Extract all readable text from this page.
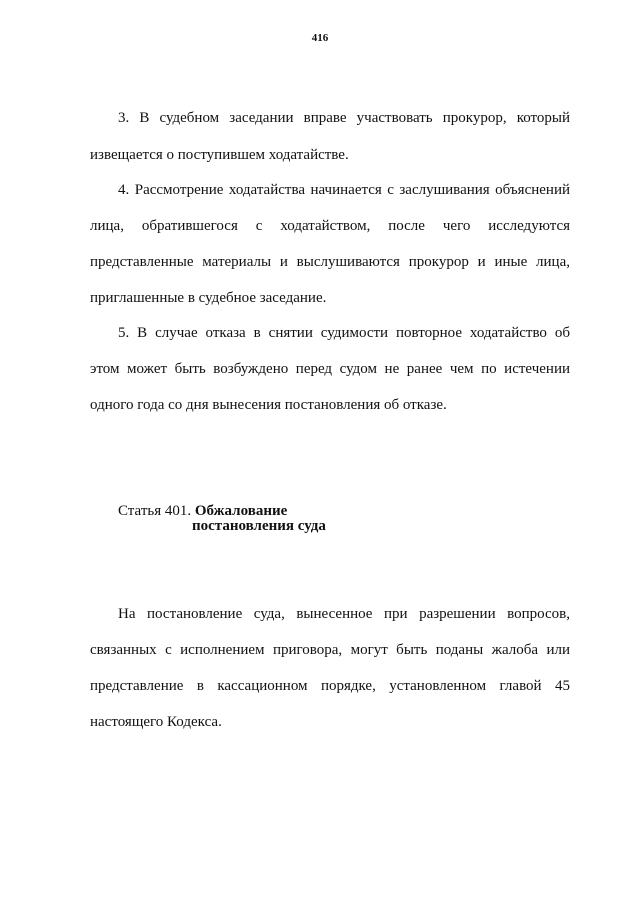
416
3. В судебном заседании вправе участвовать прокурор, который
извещается о поступившем ходатайстве.
4. Рассмотрение ходатайства начинается с заслушивания объяснений
лица, обратившегося с ходатайством, после чего исследуются
представленные материалы и выслушиваются прокурор и иные лица,
приглашенные в судебное заседание.
5. В случае отказа в снятии судимости повторное ходатайство об
этом может быть возбуждено перед судом не ранее чем по истечении
одного года со дня вынесения постановления об отказе.
Статья 401. Обжалование
постановления суда
На постановление суда, вынесенное при разрешении вопросов,
связанных с исполнением приговора, могут быть поданы жалоба или
представление в кассационном порядке, установленном главой 45
настоящего Кодекса.
